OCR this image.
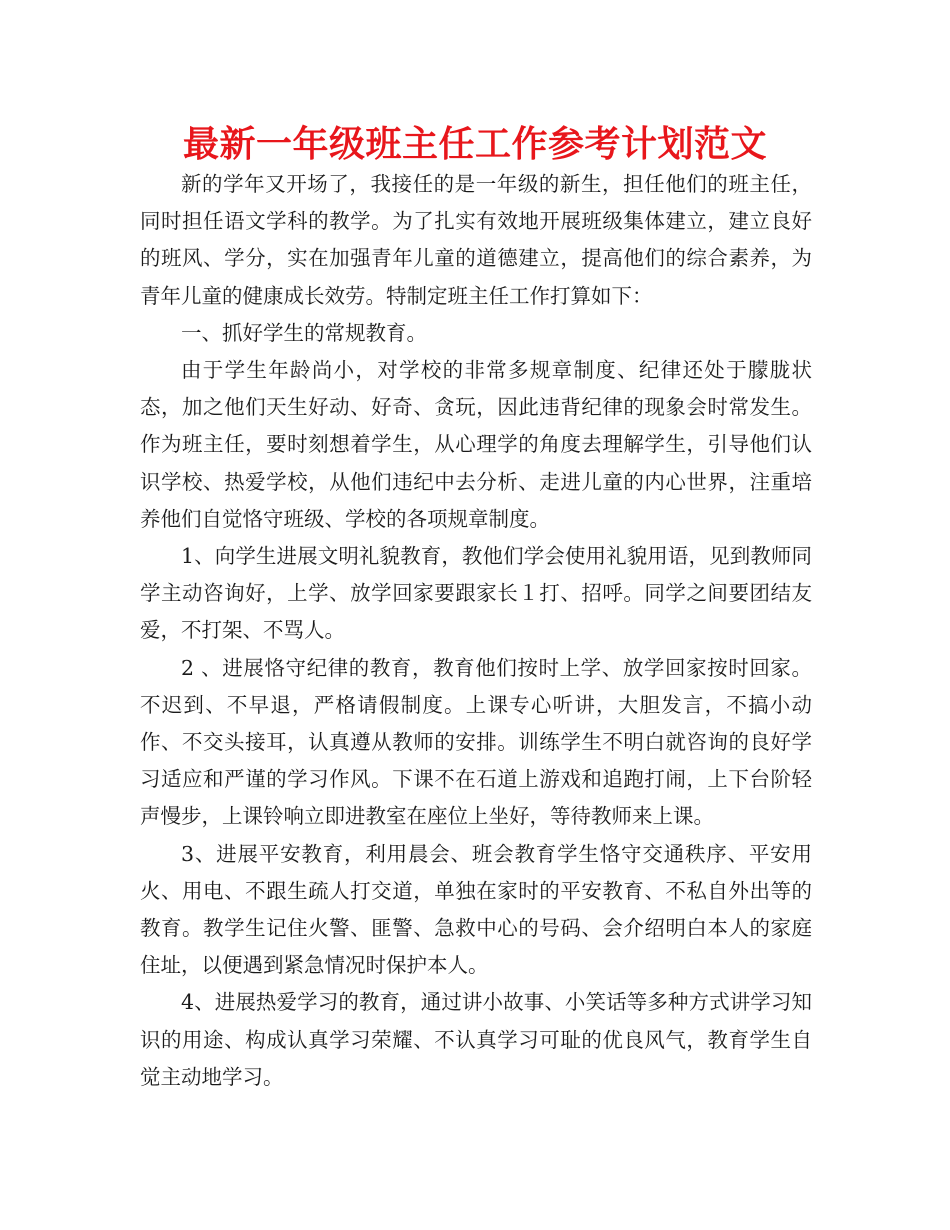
最新一年级班主任工作参考计划范文

新的学年又开场了，我接任的是一年级的新生，担任他们的班主任，同时担任语文学科的教学。为了扎实有效地开展班级集体建立，建立良好的班风、学分，实在加强青年儿童的道德建立，提高他们的综合素养，为青年儿童的健康成长效劳。特制定班主任工作打算如下：

一、抓好学生的常规教育。

由于学生年龄尚小，对学校的非常多规章制度、纪律还处于朦胧状态，加之他们天生好动、好奇、贪玩，因此违背纪律的现象会时常发生。作为班主任，要时刻想着学生，从心理学的角度去理解学生，引导他们认识学校、热爱学校，从他们违纪中去分析、走进儿童的内心世界，注重培养他们自觉恪守班级、学校的各项规章制度。

1、向学生进展文明礼貌教育，教他们学会使用礼貌用语，见到教师同学主动咨询好，上学、放学回家要跟家长１打、招呼。同学之间要团结友爱，不打架、不骂人。

2 、进展恪守纪律的教育，教育他们按时上学、放学回家按时回家。不迟到、不早退，严格请假制度。上课专心听讲，大胆发言，不搞小动作、不交头接耳，认真遵从教师的安排。训练学生不明白就咨询的良好学习适应和严谨的学习作风。下课不在石道上游戏和追跑打闹，上下台阶轻声慢步，上课铃响立即进教室在座位上坐好，等待教师来上课。

3、进展平安教育，利用晨会、班会教育学生恪守交通秩序、平安用火、用电、不跟生疏人打交道，单独在家时的平安教育、不私自外出等的教育。教学生记住火警、匪警、急救中心的号码、会介绍明白本人的家庭住址，以便遇到紧急情况时保护本人。

4、进展热爱学习的教育，通过讲小故事、小笑话等多种方式讲学习知识的用途、构成认真学习荣耀、不认真学习可耻的优良风气，教育学生自觉主动地学习。
